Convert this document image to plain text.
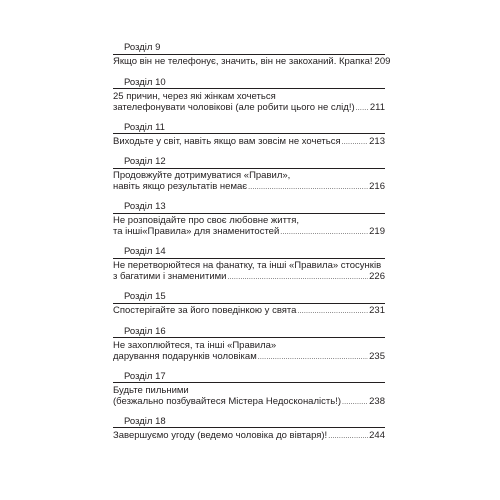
Розділ 9
Якщо він не телефонує, значить, він не закоханий. Крапка! 209
Розділ 10
25 причин, через які жінкам хочеться
зателефонувати чоловікові (але робити цього не слід!) ..... 211
Розділ 11
Виходьте у світ, навіть якщо вам зовсім не хочеться .....	213
Розділ 12
Продовжуйте дотримуватися «Правил»,
навіть якщо результатів немає .....	216
Розділ 13
Не розповідайте про своє любовне життя,
та інші«Правила» для знаменитостей .....	219
Розділ 14
Не перетворюйтеся на фанатку, та інші «Правила» стосунків
з багатими і знаменитими .....	226
Розділ 15
Спостерігайте за його поведінкою у свята .....	231
Розділ 16
Не захоплюйтеся, та інші «Правила»
дарування подарунків чоловікам .....	235
Розділ 17
Будьте пильними
(безжально позбувайтеся Містера Недосконалість!) .....	238
Розділ 18
Завершуємо угоду (ведемо чоловіка до вівтаря)! .....	244
